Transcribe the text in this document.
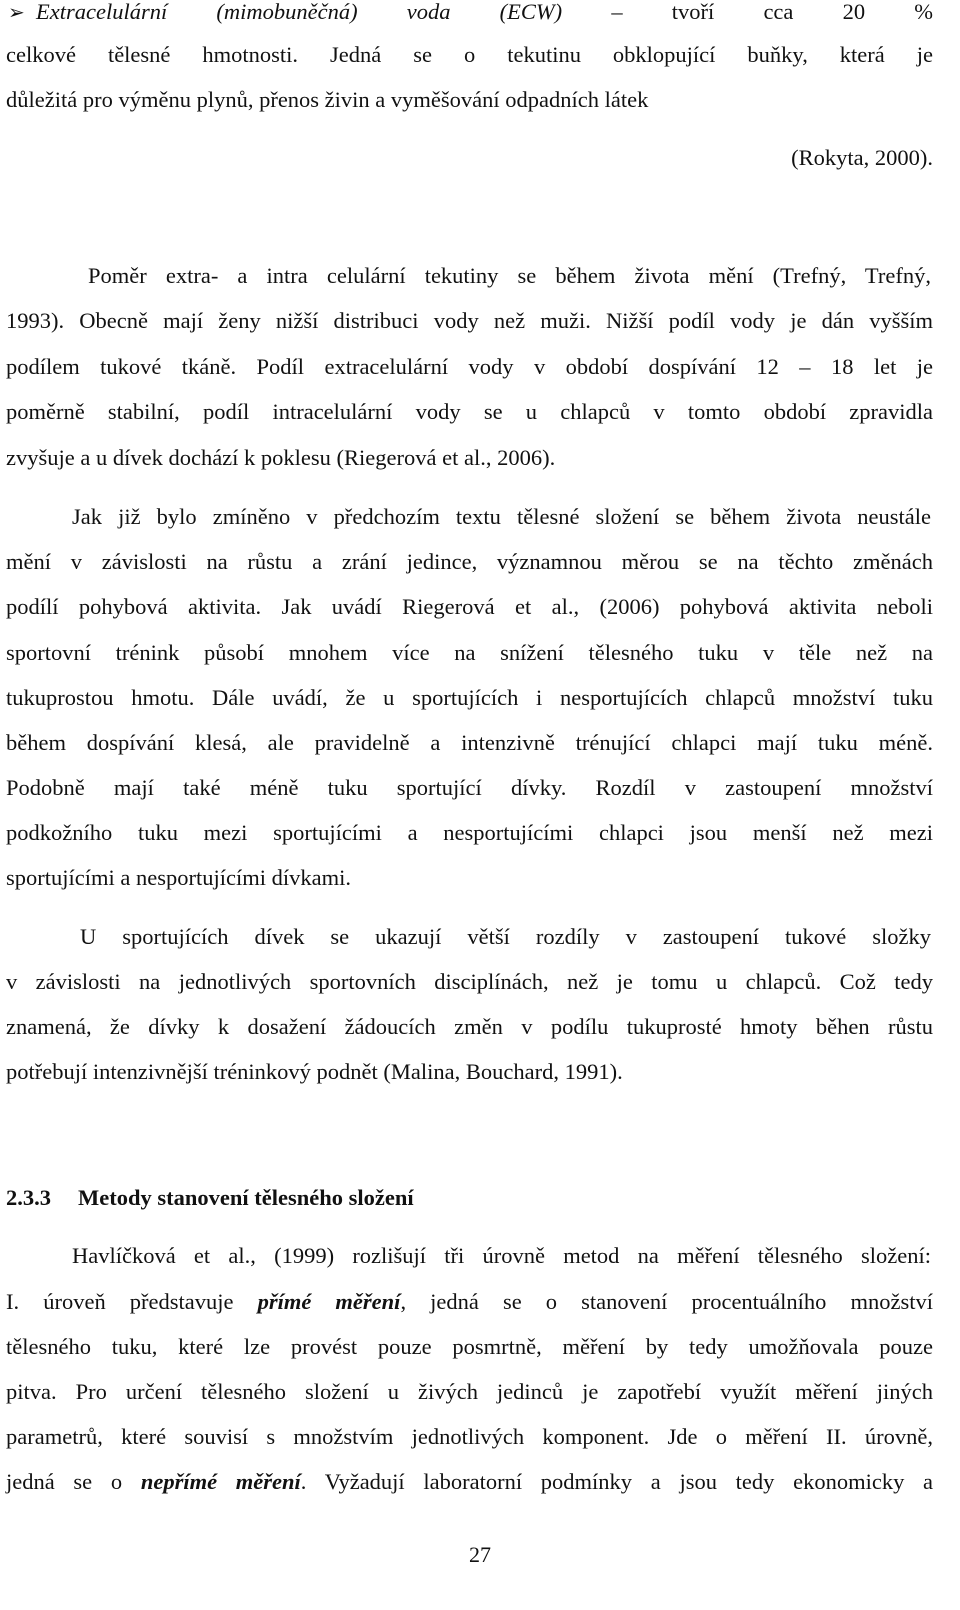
➢ Extracelulární (mimobuněčná) voda (ECW) – tvoří cca 20 %
celkové tělesné hmotnosti. Jedná se o tekutinu obklopující buňky, která je
důležitá pro výměnu plynů, přenos živin a vyměšování odpadních látek
(Rokyta, 2000).
Poměr extra- a intra celulární tekutiny se během života mění (Trefný, Trefný,
1993). Obecně mají ženy nižší distribuci vody než muži. Nižší podíl vody je dán vyšším
podílem tukové tkáně. Podíl extracelulární vody v období dospívání 12 – 18 let je
poměrně stabilní, podíl intracelulární vody se u chlapců v tomto období zpravidla
zvyšuje a u dívek dochází k poklesu (Riegerová et al., 2006).
Jak již bylo zmíněno v předchozím textu tělesné složení se během života neustále
mění v závislosti na růstu a zrání jedince, významnou měrou se na těchto změnách
podílí pohybová aktivita. Jak uvádí Riegerová et al., (2006) pohybová aktivita neboli
sportovní trénink působí mnohem více na snížení tělesného tuku v těle než na
tukuprostou hmotu. Dále uvádí, že u sportujících i nesportujících chlapců množství tuku
během dospívání klesá, ale pravidelně a intenzivně trénující chlapci mají tuku méně.
Podobně mají také méně tuku sportující dívky. Rozdíl v zastoupení množství
podkožního tuku mezi sportujícími a nesportujícími chlapci jsou menší než mezi
sportujícími a nesportujícími dívkami.
U sportujících dívek se ukazují větší rozdíly v zastoupení tukové složky
v závislosti na jednotlivých sportovních disciplínách, než je tomu u chlapců. Což tedy
znamená, že dívky k dosažení žádoucích změn v podílu tukuprosté hmoty běhen růstu
potřebují intenzivnější tréninkový podnět (Malina, Bouchard, 1991).
2.3.3 Metody stanovení tělesného složení
Havlíčková et al., (1999) rozlišují tři úrovně metod na měření tělesného složení:
I. úroveň představuje přímé měření, jedná se o stanovení procentuálního množství
tělesného tuku, které lze provést pouze posmrtně, měření by tedy umožňovala pouze
pitva. Pro určení tělesného složení u živých jedinců je zapotřebí využít měření jiných
parametrů, které souvisí s množstvím jednotlivých komponent. Jde o měření II. úrovně,
jedná se o nepřímé měření. Vyžadují laboratorní podmínky a jsou tedy ekonomicky a
27
